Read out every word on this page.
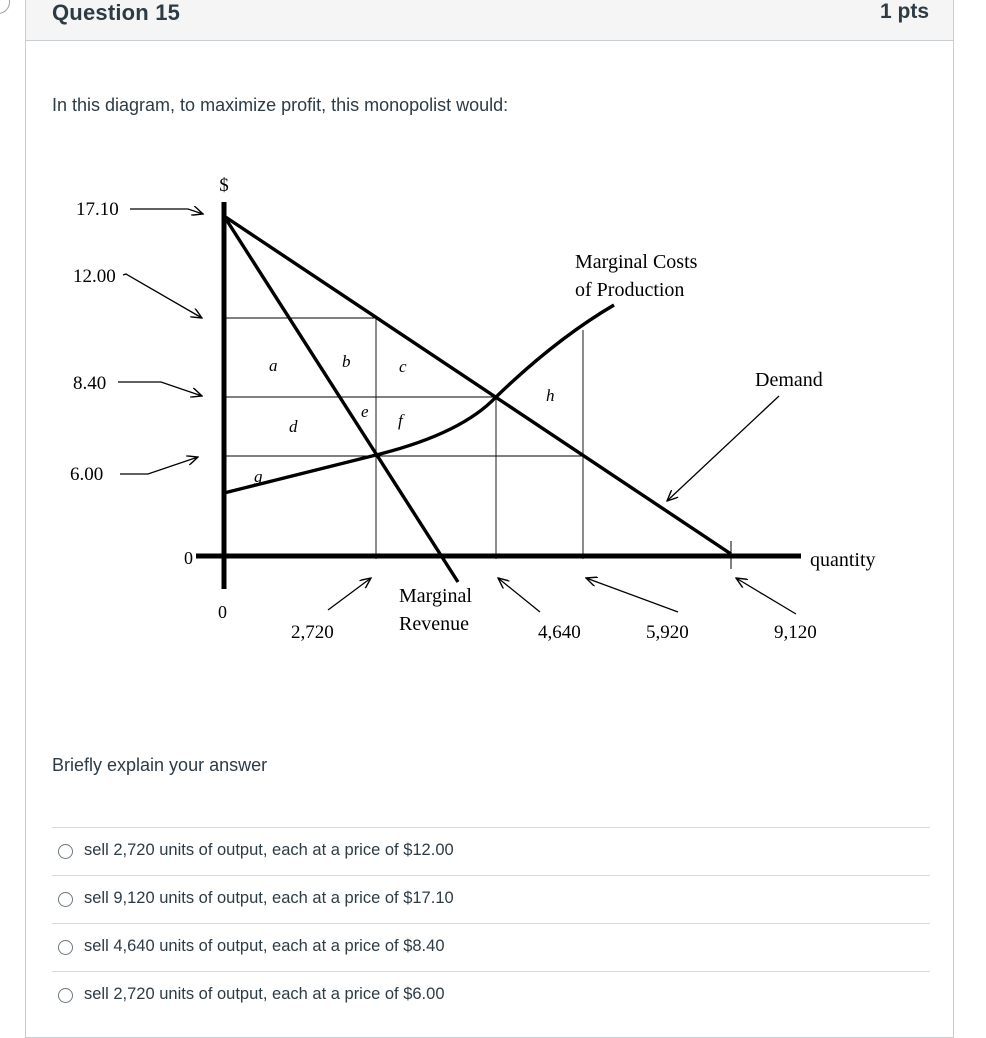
Question 15	1 pts
In this diagram, to maximize profit, this monopolist would:
$
17.10
12.00
8.40
6.00
0
0
a	b	c
d
e f
g
h
Marginal Costs
of Production
Demand
quantity
Marginal
Revenue
2,720	4,640	5,920	9,120
Briefly explain your answer
sell 2,720 units of output, each at a price of $12.00
sell 9,120 units of output, each at a price of $17.10
sell 4,640 units of output, each at a price of $8.40
sell 2,720 units of output, each at a price of $6.00
